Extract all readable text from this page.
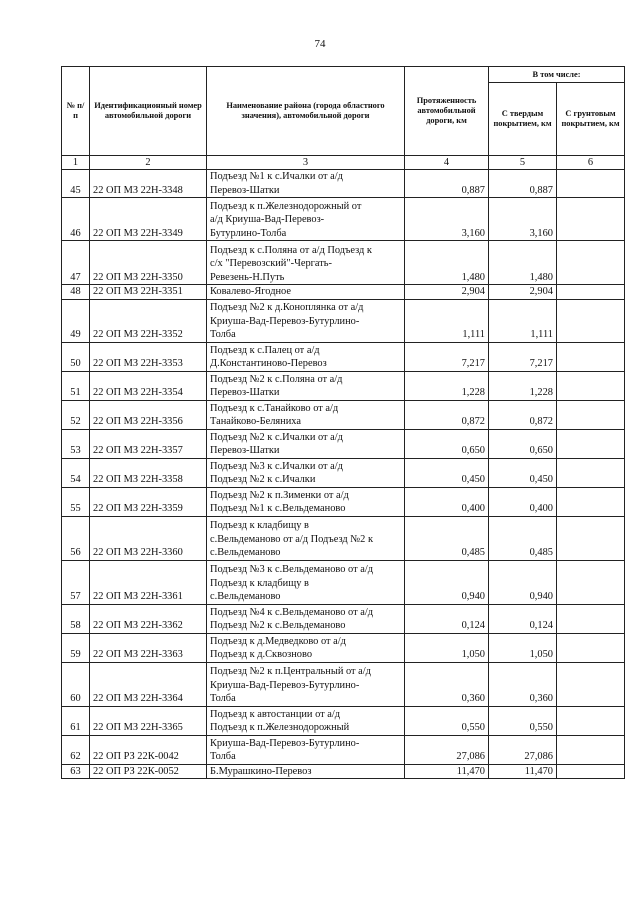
74
№ п/п	Идентификационный номер автомобильной дороги	Наименование района (города областного значения), автомобильной дороги	Протяженность автомобильной дороги, км	В том числе:	
				С твердым покрытием, км	С грунтовым покрытием, км
1	2	3	4	5	6
45	22 ОП МЗ 22Н-3348	Подъезд №1 к с.Ичалки от а/д
Перевоз-Шатки	0,887	0,887	
46	22 ОП МЗ 22Н-3349	Подъезд к п.Железнодорожный от
а/д Криуша-Вад-Перевоз-
Бутурлино-Толба	3,160	3,160	
47	22 ОП МЗ 22Н-3350	Подъезд к с.Поляна от а/д Подъезд к
с/х "Перевозский"-Чергать-
Ревезень-Н.Путь	1,480	1,480	
48	22 ОП МЗ 22Н-3351	Ковалево-Ягодное	2,904	2,904	
49	22 ОП МЗ 22Н-3352	Подъезд №2 к д.Коноплянка от а/д
Криуша-Вад-Перевоз-Бутурлино-
Толба	1,111	1,111	
50	22 ОП МЗ 22Н-3353	Подъезд к с.Палец от а/д
Д.Константиново-Перевоз	7,217	7,217	
51	22 ОП МЗ 22Н-3354	Подъезд №2 к с.Поляна от а/д
Перевоз-Шатки	1,228	1,228	
52	22 ОП МЗ 22Н-3356	Подъезд к с.Танайково от а/д
Танайково-Беляниха	0,872	0,872	
53	22 ОП МЗ 22Н-3357	Подъезд №2 к с.Ичалки от а/д
Перевоз-Шатки	0,650	0,650	
54	22 ОП МЗ 22Н-3358	Подъезд №3 к с.Ичалки от а/д
Подъезд №2 к с.Ичалки	0,450	0,450	
55	22 ОП МЗ 22Н-3359	Подъезд №2 к п.Зименки от а/д
Подъезд №1 к с.Вельдеманово	0,400	0,400	
56	22 ОП МЗ 22Н-3360	Подъезд к кладбищу в
с.Вельдеманово от а/д Подъезд №2 к
с.Вельдеманово	0,485	0,485	
57	22 ОП МЗ 22Н-3361	Подъезд №3 к с.Вельдеманово от а/д
Подъезд к кладбищу в
с.Вельдеманово	0,940	0,940	
58	22 ОП МЗ 22Н-3362	Подъезд №4 к с.Вельдеманово от а/д
Подъезд №2 к с.Вельдеманово	0,124	0,124	
59	22 ОП МЗ 22Н-3363	Подъезд к д.Медведково от а/д
Подъезд к д.Сквозново	1,050	1,050	
60	22 ОП МЗ 22Н-3364	Подъезд №2 к п.Центральный от а/д
Криуша-Вад-Перевоз-Бутурлино-
Толба	0,360	0,360	
61	22 ОП МЗ 22Н-3365	Подъезд к автостанции от а/д
Подъезд к п.Железнодорожный	0,550	0,550	
62	22 ОП РЗ 22К-0042	Криуша-Вад-Перевоз-Бутурлино-
Толба	27,086	27,086	
63	22 ОП РЗ 22К-0052	Б.Мурашкино-Перевоз	11,470	11,470	
